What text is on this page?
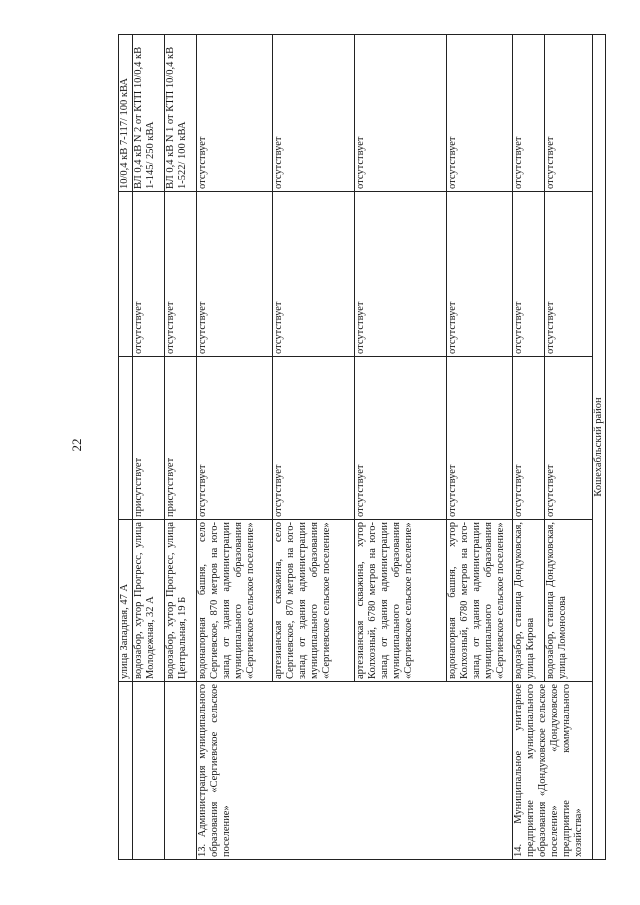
22
	улица Западная, 47 А			10/0,4 кВ 7-117/ 100 кВА
	водозабор, хутор Прогресс, улица Молодежная, 32 А	присутствует	отсутствует	ВЛ 0,4 кВ N 2 от КТП 10/0,4 кВ 1-145/ 250 кВА
	водозабор, хутор Прогресс, улица Центральная, 19 Б	присутствует	отсутствует	ВЛ 0,4 кВ N 1 от КТП 10/0,4 кВ 1-522/ 100 кВА
13. Администрация муниципального образования «Сергиевское сельское поселение»	водонапорная башня, село Сергиевское, 870 метров на юго-запад от здания администрации муниципального образования «Сергиевское сельское поселение»	отсутствует	отсутствует	отсутствует
	артезианская скважина, село Сергиевское, 870 метров на юго-запад от здания администрации муниципального образования «Сергиевское сельское поселение»	отсутствует	отсутствует	отсутствует
	артезианская скважина, хутор Колхозный, 6780 метров на юго-запад от здания администрации муниципального образования «Сергиевское сельское поселение»	отсутствует	отсутствует	отсутствует
	водонапорная башня, хутор Колхозный, 6780 метров на юго-запад от здания администрации муниципального образования «Сергиевское сельское поселение»	отсутствует	отсутствует	отсутствует
14. Муниципальное унитарное предприятие муниципального образования «Дондуковское сельское поселение» «Дондуковское предприятие коммунального хозяйства»	водозабор, станица Дондуковская, улица Кирова	отсутствует	отсутствует	отсутствует
	водозабор, станица Дондуковская, улица Ломоносова	отсутствует	отсутствует	отсутствует
Кошехабльский район				
